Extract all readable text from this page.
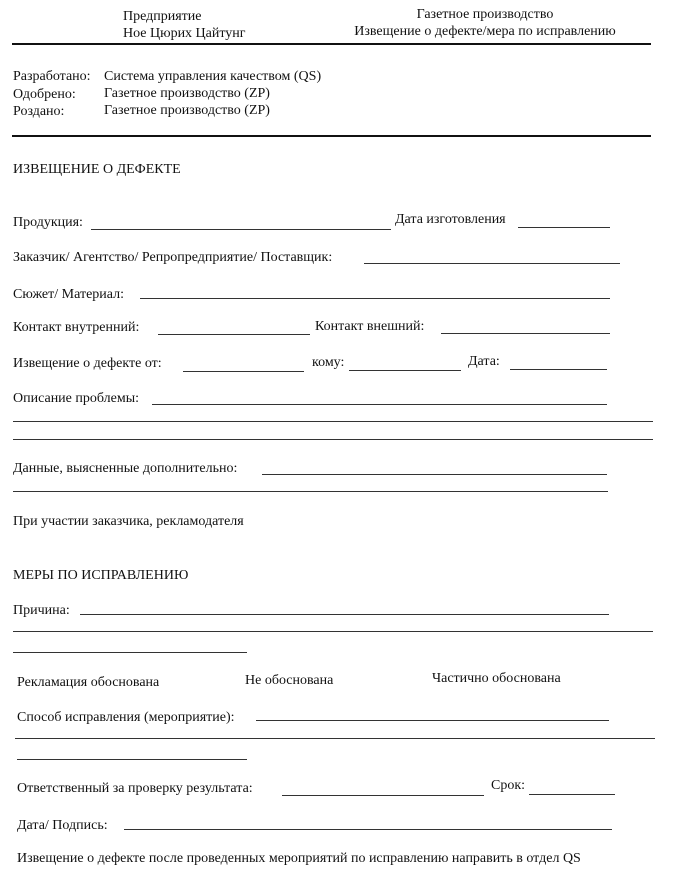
Предприятие
Ное Цюрих Цайтунг
Газетное производство
Извещение о дефекте/мера по исправлению
Разработано: Система управления качеством (QS)
Одобрено: Газетное производство (ZP)
Роздано:	Газетное производство (ZP)
ИЗВЕЩЕНИЕ О ДЕФЕКТЕ
Продукция:	Дата изготовления
Заказчик/ Агентство/ Репропредприятие/ Поставщик:
Сюжет/ Материал:
Контакт внутренний:	Контакт внешний:
Извещение о дефекте от:	кому:	Дата:
Описание проблемы:
Данные, выясненные дополнительно:
При участии заказчика, рекламодателя
МЕРЫ ПО ИСПРАВЛЕНИЮ
Причина:
Рекламация обоснована	Не обоснована	Частично обоснована
Способ исправления (мероприятие):
Ответственный за проверку результата:	Срок:
Дата/ Подпись:
Извещение о дефекте после проведенных мероприятий по исправлению направить в отдел QS
